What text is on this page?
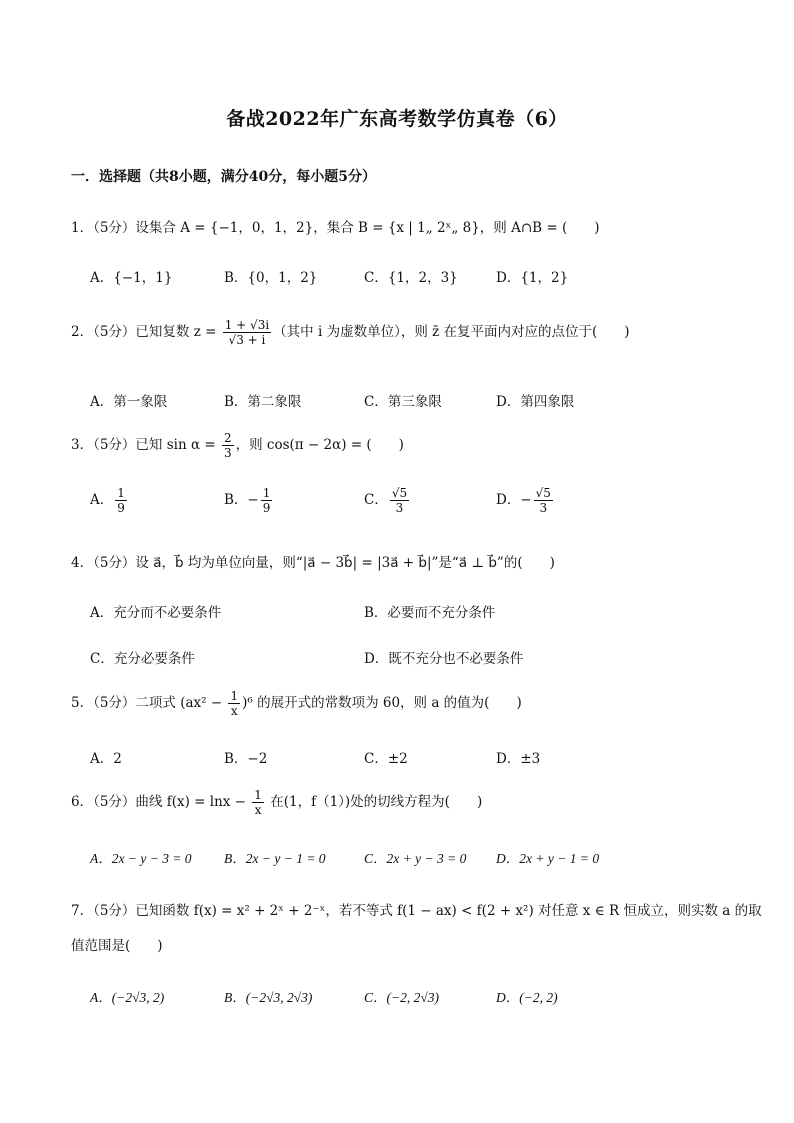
备战2022年广东高考数学仿真卷（6）
一．选择题（共8小题，满分40分，每小题5分）
1．（5分）设集合 A = {−1，0，1，2}，集合 B = {x | 1„ 2ˣ„ 8}，则 A∩B = (　　)
A．{−1，1}	B．{0，1，2}	C．{1，2，3}	D．{1，2}
2．（5分）已知复数 $z = \frac{1 + √3i}{√3 + i}$ （其中 i 为虚数单位），则 z̄ 在复平面内对应的点位于(　　)
A．第一象限	B．第二象限	C．第三象限	D．第四象限
3．（5分）已知 $\sin \alpha = \frac{2}{3}$ ，则 cos(π − 2α) = (　　)
A． $\frac{1}{9}$	B．− $\frac{1}{9}$	C． $\frac{√5}{3}$	D．− $\frac{√5}{3}$
4．（5分）设 a⃗，b⃗ 均为单位向量，则“|a⃗ − 3b⃗| = |3a⃗ + b⃗|”是“a⃗ ⊥ b⃗”的(　　)
A．充分而不必要条件	B．必要而不充分条件
C．充分必要条件	D．既不充分也不必要条件
5．（5分）二项式 $(ax^2 - \frac{1}{x} )^6$ 的展开式的常数项为 60，则 a 的值为(　　)
A．2	B．−2	C．±2	D．±3
6．（5分）曲线 $f(x) = \ln x - \frac{1}{x}$ 在(1，f（1）)处的切线方程为(　　)
A．2x − y − 3 = 0 B．2x − y − 1 = 0	C．2x + y − 3 = 0 D．2x + y − 1 = 0
7．（5分）已知函数 f(x) = x² + 2ˣ + 2⁻ˣ，若不等式 f(1 − ax) < f(2 + x²) 对任意 x ∈ R 恒成立，则实数 a 的取
值范围是(　　)
A．(−2√3, 2)	B．(−2√3, 2√3)	C．(−2, 2√3)	D．(−2, 2)
